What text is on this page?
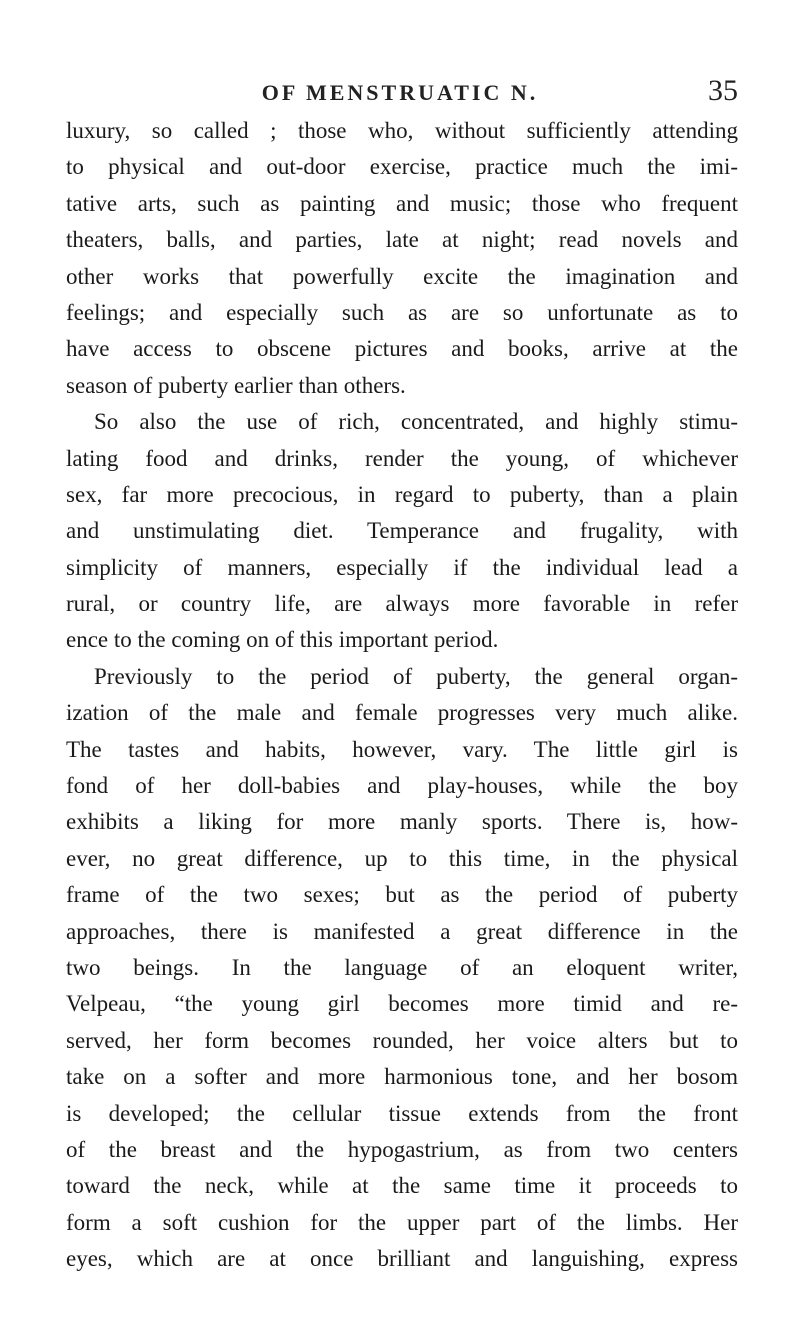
OF MENSTRUATIC N.	35
luxury, so called ; those who, without sufficiently attending
to physical and out-door exercise, practice much the imi-
tative arts, such as painting and music; those who frequent
theaters, balls, and parties, late at night; read novels and
other works that powerfully excite the imagination and
feelings; and especially such as are so unfortunate as to
have access to obscene pictures and books, arrive at the
season of puberty earlier than others.
So also the use of rich, concentrated, and highly stimu-
lating food and drinks, render the young, of whichever
sex, far more precocious, in regard to puberty, than a plain
and unstimulating diet. Temperance and frugality, with
simplicity of manners, especially if the individual lead a
rural, or country life, are always more favorable in refer
ence to the coming on of this important period.
Previously to the period of puberty, the general organ-
ization of the male and female progresses very much alike.
The tastes and habits, however, vary. The little girl is
fond of her doll-babies and play-houses, while the boy
exhibits a liking for more manly sports. There is, how-
ever, no great difference, up to this time, in the physical
frame of the two sexes; but as the period of puberty
approaches, there is manifested a great difference in the
two beings. In the language of an eloquent writer,
Velpeau, “the young girl becomes more timid and re-
served, her form becomes rounded, her voice alters but to
take on a softer and more harmonious tone, and her bosom
is developed; the cellular tissue extends from the front
of the breast and the hypogastrium, as from two centers
toward the neck, while at the same time it proceeds to
form a soft cushion for the upper part of the limbs. Her
eyes, which are at once brilliant and languishing, express
